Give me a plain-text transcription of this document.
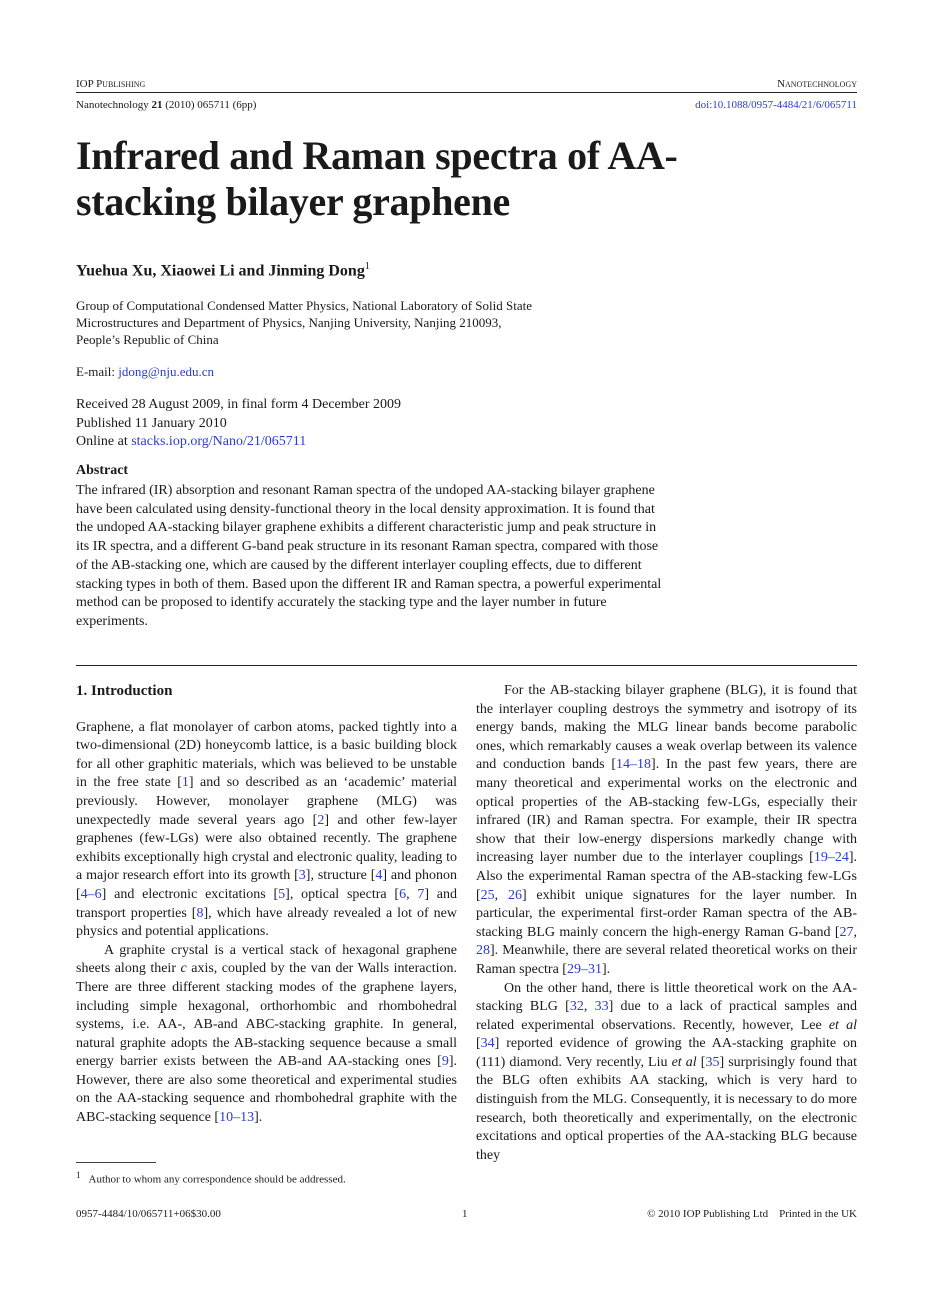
IOP Publishing	Nanotechnology
Nanotechnology 21 (2010) 065711 (6pp)	doi:10.1088/0957-4484/21/6/065711
Infrared and Raman spectra of AA-stacking bilayer graphene
Yuehua Xu, Xiaowei Li and Jinming Dong$^1$
Group of Computational Condensed Matter Physics, National Laboratory of Solid State
Microstructures and Department of Physics, Nanjing University, Nanjing 210093,
People’s Republic of China
E-mail: jdong@nju.edu.cn
Received 28 August 2009, in final form 4 December 2009
Published 11 January 2010
Online at stacks.iop.org/Nano/21/065711
Abstract
The infrared (IR) absorption and resonant Raman spectra of the undoped AA-stacking bilayer graphene have been calculated using density-functional theory in the local density approximation. It is found that the undoped AA-stacking bilayer graphene exhibits a different characteristic jump and peak structure in its IR spectra, and a different G-band peak structure in its resonant Raman spectra, compared with those of the AB-stacking one, which are caused by the different interlayer coupling effects, due to different stacking types in both of them. Based upon the different IR and Raman spectra, a powerful experimental method can be proposed to identify accurately the stacking type and the layer number in future experiments.

1. Introduction

Graphene, a flat monolayer of carbon atoms, packed tightly into a two-dimensional (2D) honeycomb lattice, is a basic building block for all other graphitic materials, which was believed to be unstable in the free state [1] and so described as an ‘academic’ material previously. However, monolayer graphene (MLG) was unexpectedly made several years ago [2] and other few-layer graphenes (few-LGs) were also obtained recently. The graphene exhibits exceptionally high crystal and electronic quality, leading to a major research effort into its growth [3], structure [4] and phonon [4–6] and electronic excitations [5], optical spectra [6, 7] and transport properties [8], which have already revealed a lot of new physics and potential applications.

A graphite crystal is a vertical stack of hexagonal graphene sheets along their c axis, coupled by the van der Walls interaction. There are three different stacking modes of the graphene layers, including simple hexagonal, orthorhombic and rhombohedral systems, i.e. AA-, AB-and ABC-stacking graphite. In general, natural graphite adopts the AB-stacking sequence because a small energy barrier exists between the AB-and AA-stacking ones [9]. However, there are also some theoretical and experimental studies on the AA-stacking sequence and rhombohedral graphite with the ABC-stacking sequence [10–13].

For the AB-stacking bilayer graphene (BLG), it is found that the interlayer coupling destroys the symmetry and isotropy of its energy bands, making the MLG linear bands become parabolic ones, which remarkably causes a weak overlap between its valence and conduction bands [14–18]. In the past few years, there are many theoretical and experimental works on the electronic and optical properties of the AB-stacking few-LGs, especially their infrared (IR) and Raman spectra. For example, their IR spectra show that their low-energy dispersions markedly change with increasing layer number due to the interlayer couplings [19–24]. Also the experimental Raman spectra of the AB-stacking few-LGs [25, 26] exhibit unique signatures for the layer number. In particular, the experimental first-order Raman spectra of the AB-stacking BLG mainly concern the high-energy Raman G-band [27, 28]. Meanwhile, there are several related theoretical works on their Raman spectra [29–31].

On the other hand, there is little theoretical work on the AA-stacking BLG [32, 33] due to a lack of practical samples and related experimental observations. Recently, however, Lee et al [34] reported evidence of growing the AA-stacking graphite on (111) diamond. Very recently, Liu et al [35] surprisingly found that the BLG often exhibits AA stacking, which is very hard to distinguish from the MLG. Consequently, it is necessary to do more research, both theoretically and experimentally, on the electronic excitations and optical properties of the AA-stacking BLG because they

$^1$ Author to whom any correspondence should be addressed.
0957-4484/10/065711+06$30.00	1	© 2010 IOP Publishing Ltd    Printed in the UK
